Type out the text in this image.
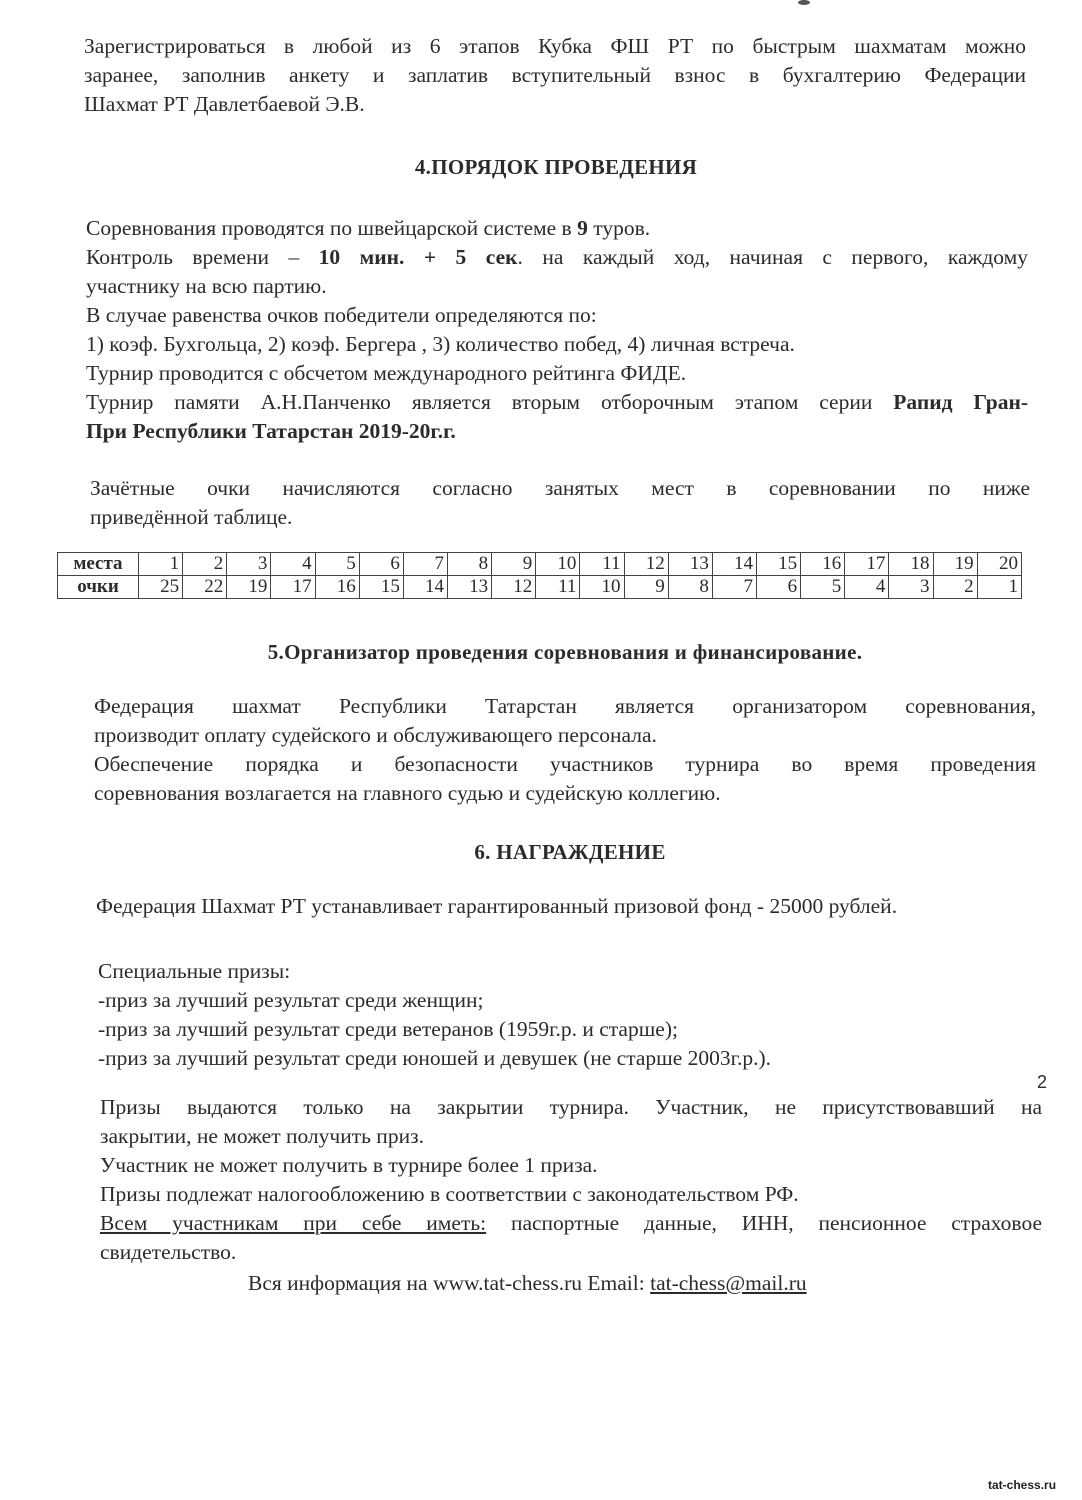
Зарегистрироваться в любой из 6 этапов Кубка ФШ РТ по быстрым шахматам можно
заранее, заполнив анкету и заплатив вступительный взнос в бухгалтерию Федерации
Шахмат РТ Давлетбаевой Э.В.
4.ПОРЯДОК ПРОВЕДЕНИЯ
Соревнования проводятся по швейцарской системе в 9 туров.
Контроль времени – 10 мин. + 5 сек. на каждый ход, начиная с первого, каждому
участнику на всю партию.
В случае равенства очков победители определяются по:
1) коэф. Бухгольца, 2) коэф. Бергера , 3) количество побед, 4) личная встреча.
Турнир проводится с обсчетом международного рейтинга ФИДЕ.
Турнир памяти А.Н.Панченко является вторым отборочным этапом серии Рапид Гран-
При Республики Татарстан 2019-20г.г.
Зачётные очки начисляются согласно занятых мест в соревновании по ниже
приведённой таблице.
места	1	2	3	4	5	6	7	8	9	10	11	12	13	14	15	16	17	18	19	20
очки	25	22	19	17	16	15	14	13	12	11	10	9	8	7	6	5	4	3	2	1
5.Организатор проведения соревнования и финансирование.
Федерация шахмат Республики Татарстан является организатором соревнования,
производит оплату судейского и обслуживающего персонала.
Обеспечение порядка и безопасности участников турнира во время проведения
соревнования возлагается на главного судью и судейскую коллегию.
6. НАГРАЖДЕНИЕ
Федерация Шахмат РТ устанавливает гарантированный призовой фонд - 25000 рублей.
Специальные призы:
-приз за лучший результат среди женщин;
-приз за лучший результат среди ветеранов (1959г.р. и старше);
-приз за лучший результат среди юношей и девушек (не старше 2003г.р.).
Призы выдаются только на закрытии турнира. Участник, не присутствовавший на
закрытии, не может получить приз.
Участник не может получить в турнире более 1 приза.
Призы подлежат налогообложению в соответствии с законодательством РФ.
Всем участникам при себе иметь: паспортные данные, ИНН, пенсионное страховое
свидетельство.
Вся информация на www.tat-chess.ru Email: tat-chess@mail.ru
2
tat-chess.ru
